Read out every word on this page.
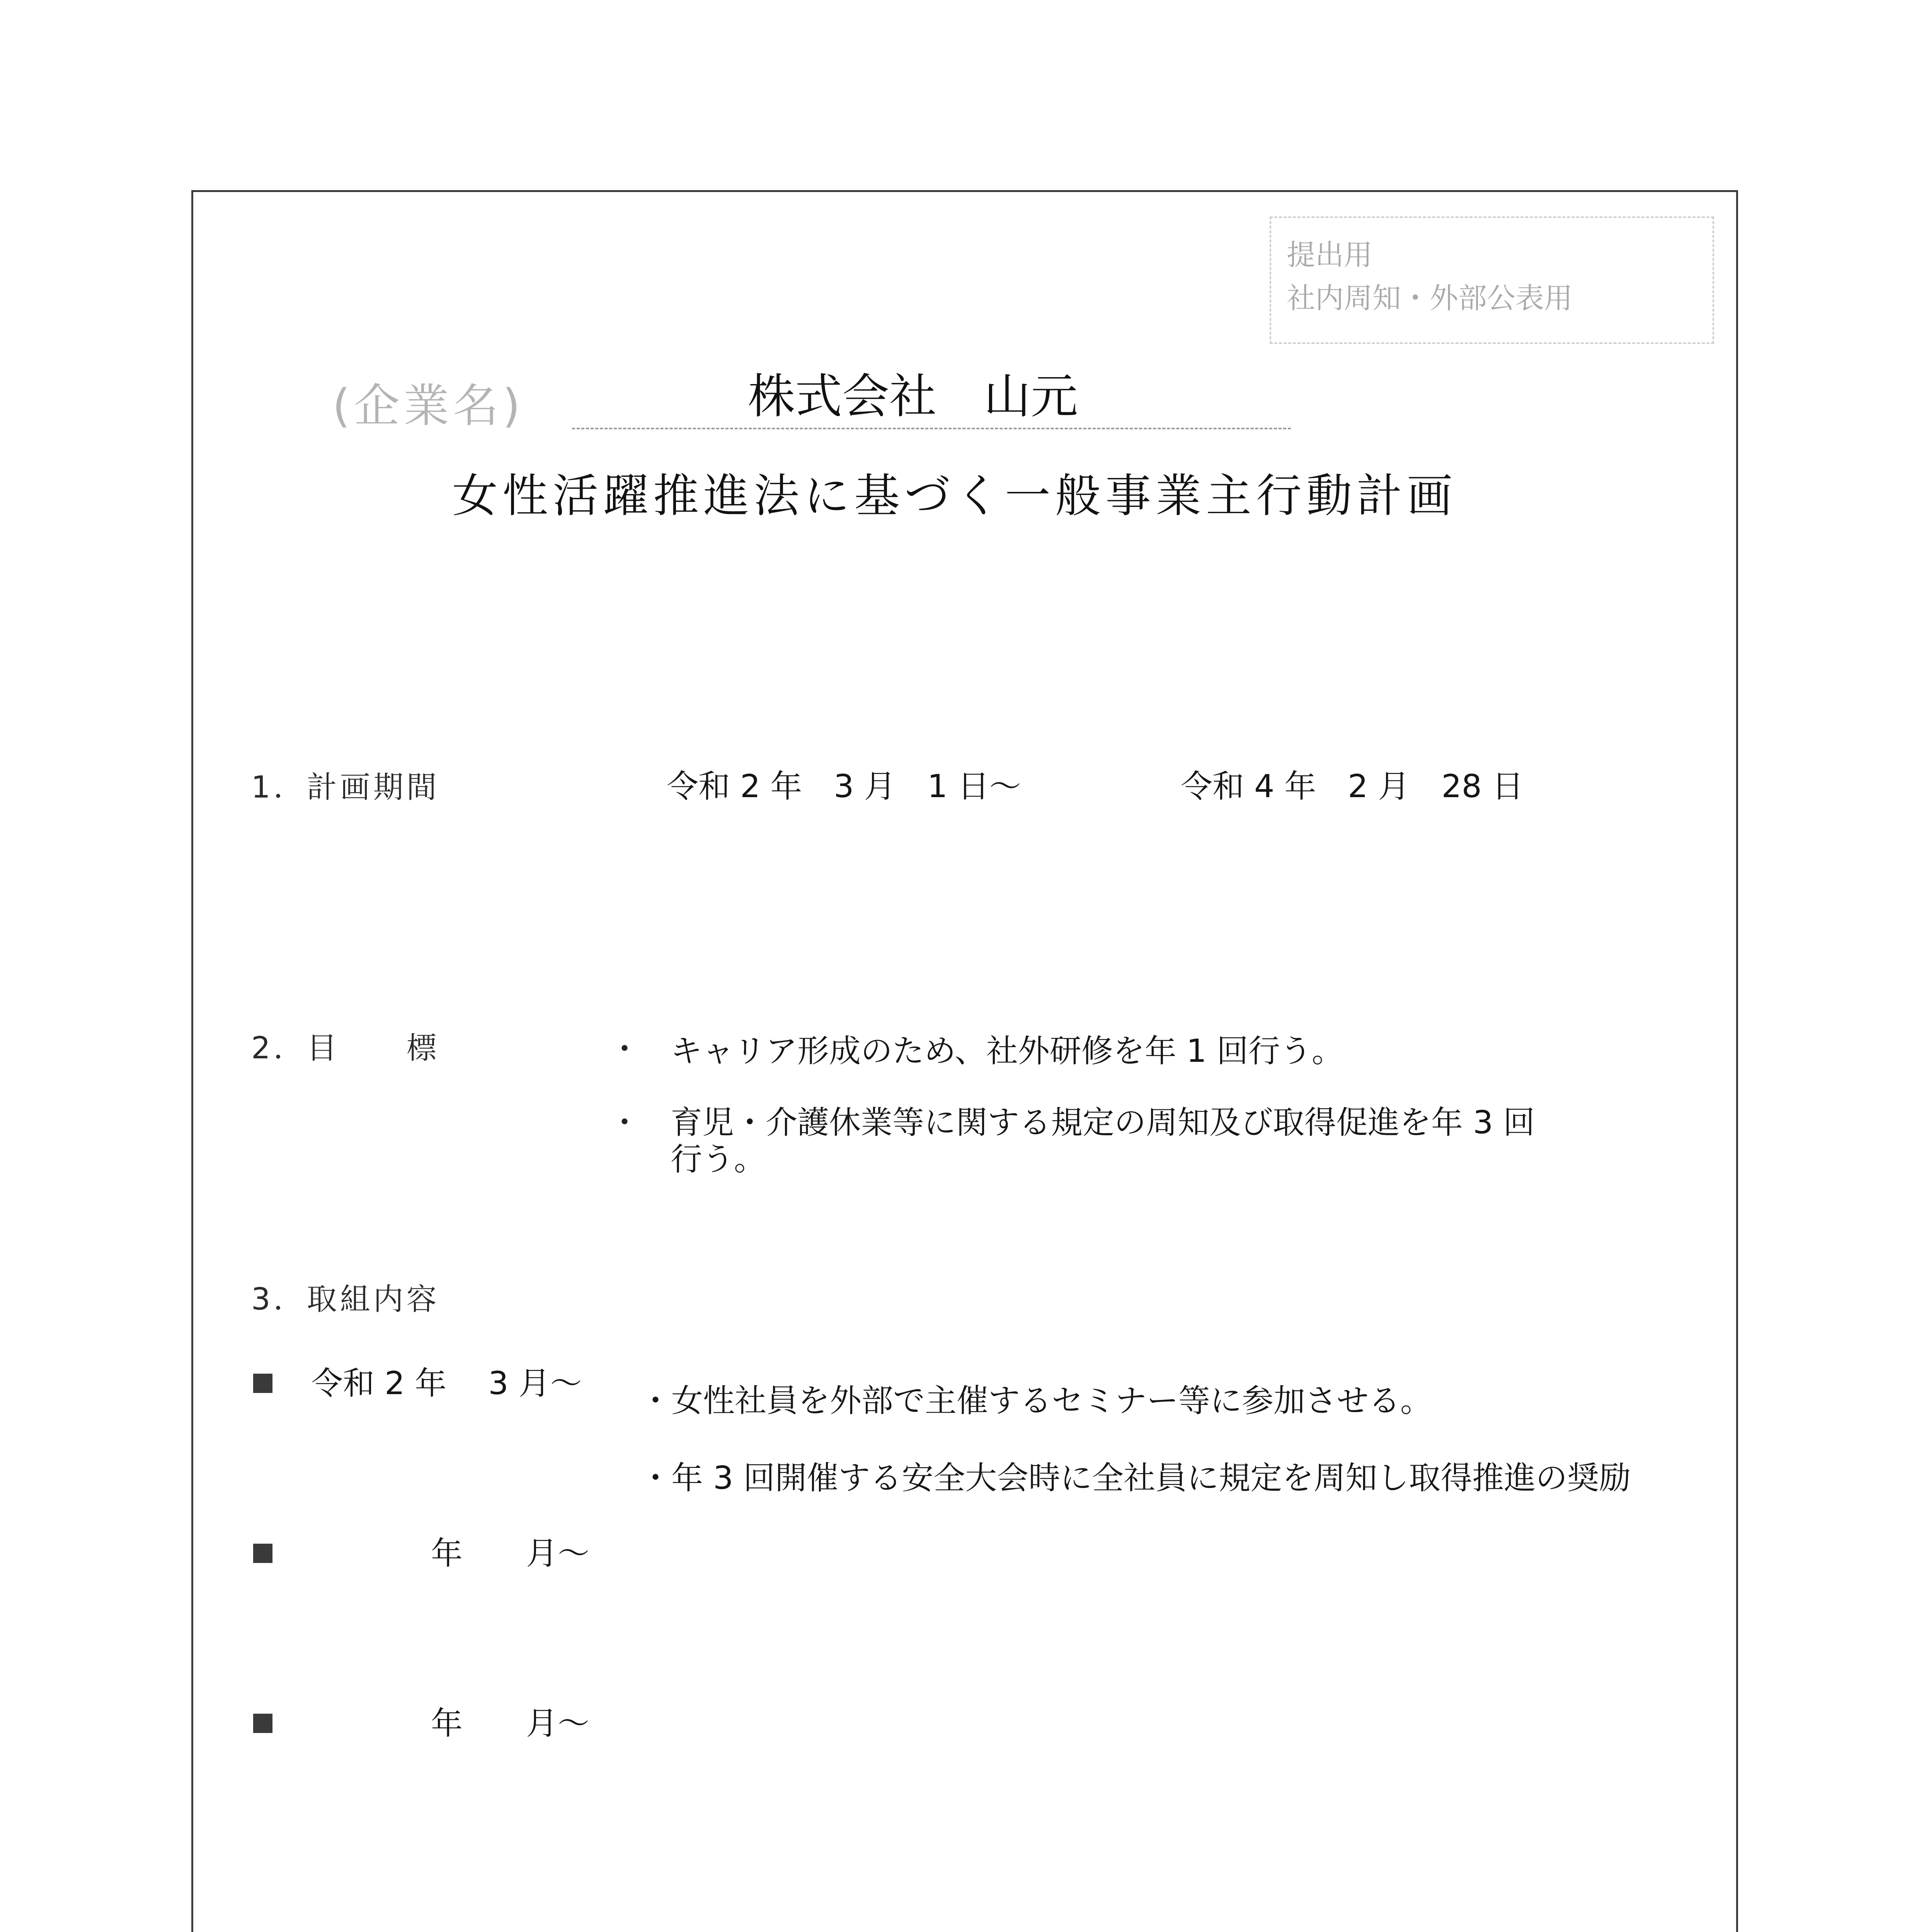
提出用
社内周知・外部公表用
(企業名)	株式会社　山元
女性活躍推進法に基づく一般事業主行動計画
1．計画期間	令和 2 年　3 月　1 日～	令和 4 年　2 月　28 日
2．目　　標	・ キャリア形成のため、社外研修を年 1 回行う。
・ 育児・介護休業等に関する規定の周知及び取得促進を年 3 回
行う。
3．取組内容
令和 2 年　 3 月～ ・女性社員を外部で主催するセミナー等に参加させる。
・年 3 回開催する安全大会時に全社員に規定を周知し取得推進の奨励
年　　月～
年　　月～
